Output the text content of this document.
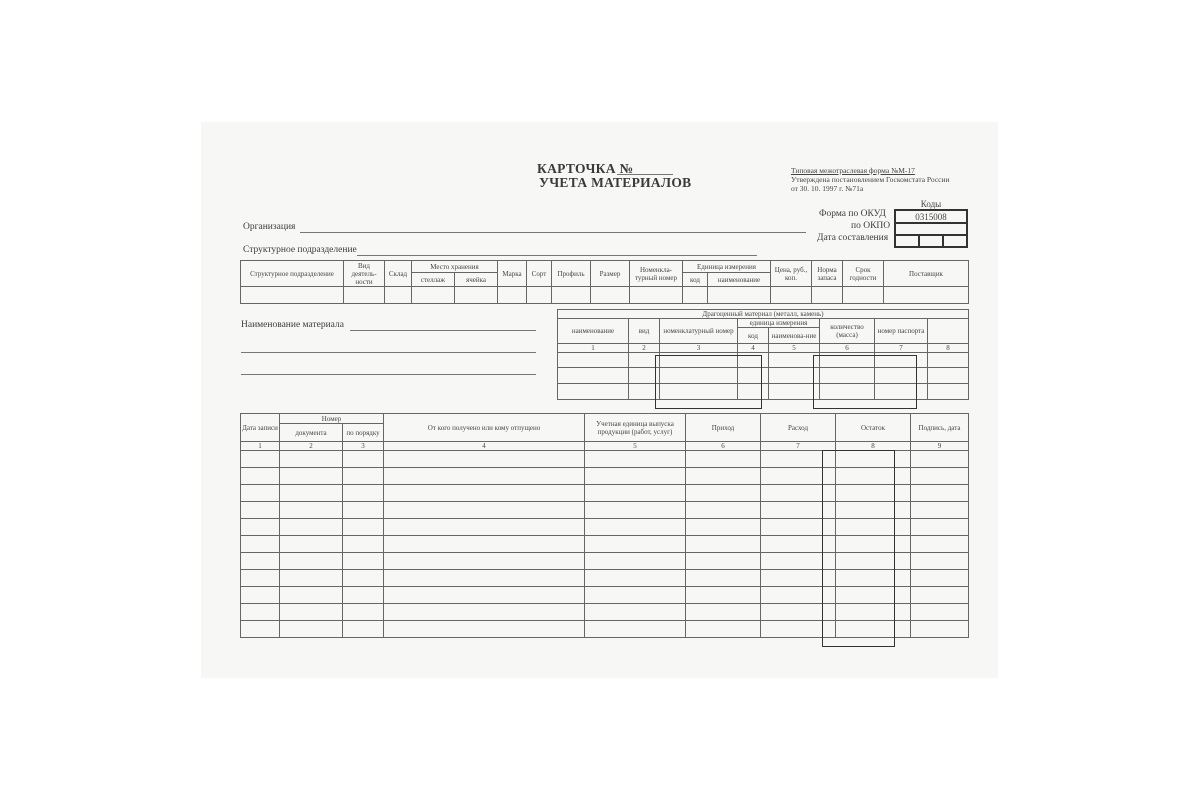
КАРТОЧКА №
УЧЕТА МАТЕРИАЛОВ
Типовая межотраслевая форма №М-17
Утверждена постановлением Госкомстата России
от 30. 10. 1997 г. №71а
Коды
0315008

Форма по ОКУД
по ОКПО
Дата составления
Организация
Структурное подразделение
Структурное подразделение	Вид деятель-ности	Склад	Место хранения		Марка	Сорт	Профиль	Размер	Номенкла-турный номер	Единица измерения		Цена, руб., коп.	Норма запаса	Срок годности	Поставщик
			стеллаж	ячейка						код	наименование				

Наименование материала
Драгоценный материал (металл, камень)							
наименование	вид	номенклатурный номер	единица измерения		количество (масса)	номер паспорта	
			код	наименова-ние			
1	2	3	4	5	6	7	8

Дата записи	Номер		От кого получено или кому отпущено	Учетная единица выпуска продукции (работ, услуг)	Приход	Расход	Остаток	Подпись, дата
	документа	по порядку						
1	2	3	4	5	6	7	8	9
